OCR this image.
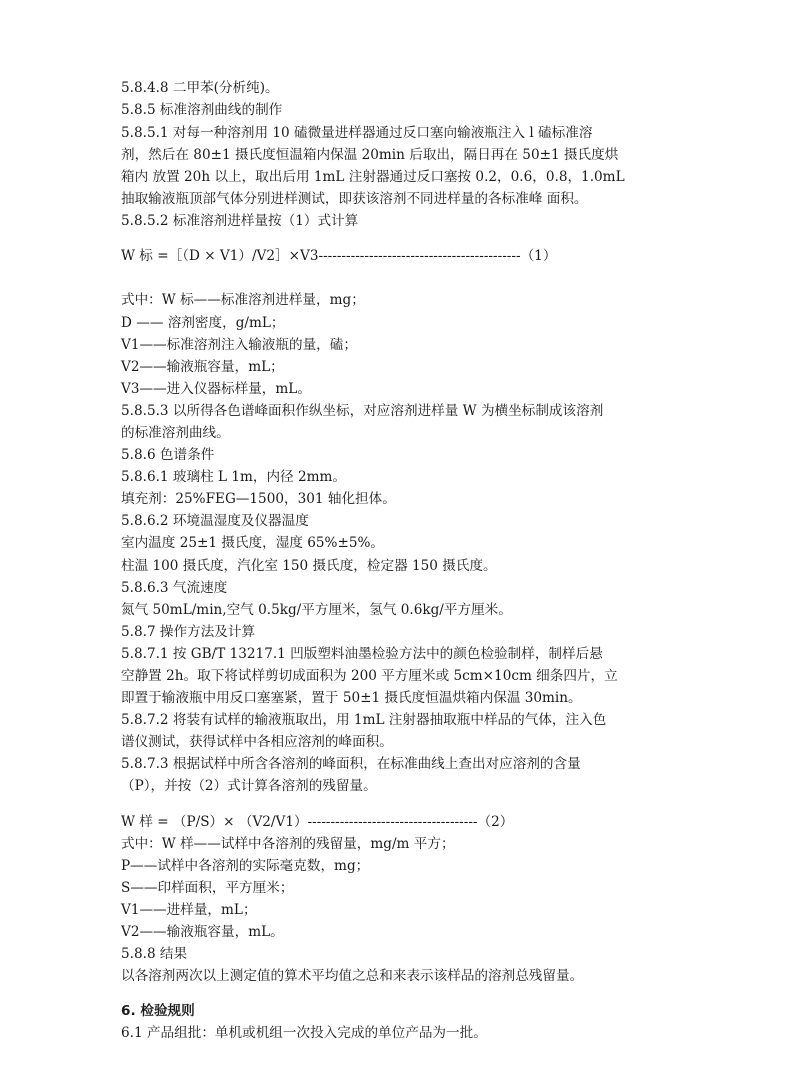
5.8.4.8 二甲苯(分析纯)。
5.8.5 标准溶剂曲线的制作
5.8.5.1 对每一种溶剂用 10 磕微量进样器通过反口塞向输液瓶注入 l 磕标准溶
剂，然后在 80±1 摄氏度恒温箱内保温 20min 后取出，隔日再在 50±1 摄氏度烘
箱内 放置 20h 以上，取出后用 1mL 注射器通过反口塞按 0.2，0.6，0.8，1.0mL
抽取输液瓶顶部气体分别进样测试，即获该溶剂不同进样量的各标准峰 面积。
5.8.5.2 标准溶剂进样量按（1）式计算
W 标 =［（D × V1）/V2］×V3--------------------------------------------（1）
式中：W 标——标准溶剂进样量，mg；
D —— 溶剂密度，g/mL；
V1——标准溶剂注入输液瓶的量，磕；
V2——输液瓶容量，mL；
V3——进入仪器标样量，mL。
5.8.5.3 以所得各色谱峰面积作纵坐标，对应溶剂进样量 W 为横坐标制成该溶剂
的标准溶剂曲线。
5.8.6 色谱条件
5.8.6.1 玻璃柱 L 1m，内径 2mm。
填充剂：25%FEG—1500，301 轴化担体。
5.8.6.2 环境温湿度及仪器温度
室内温度 25±1 摄氏度，湿度 65%±5%。
柱温 100 摄氏度，汽化室 150 摄氏度，检定器 150 摄氏度。
5.8.6.3 气流速度
氮气 50mL/min,空气 0.5kg/平方厘米，氢气 0.6kg/平方厘米。
5.8.7 操作方法及计算
5.8.7.1 按 GB/T 13217.1 凹版塑料油墨检验方法中的颜色检验制样，制样后悬
空静置 2h。取下将试样剪切成面积为 200 平方厘米或 5cm×10cm 细条四片，立
即置于输液瓶中用反口塞塞紧，置于 50±1 摄氏度恒温烘箱内保温 30min。
5.8.7.2 将装有试样的输液瓶取出，用 1mL 注射器抽取瓶中样品的气体，注入色
谱仪测试，获得试样中各相应溶剂的峰面积。
5.8.7.3 根据试样中所含各溶剂的峰面积，在标准曲线上查出对应溶剂的含量
（P），并按（2）式计算各溶剂的残留量。
W 样 = （P/S）× （V2/V1）-------------------------------------（2）
式中：W 样——试样中各溶剂的残留量，mg/m 平方；
P——试样中各溶剂的实际毫克数，mg；
S——印样面积，平方厘米；
V1——进样量，mL；
V2——输液瓶容量，mL。
5.8.8 结果
以各溶剂两次以上测定值的算术平均值之总和来表示该样品的溶剂总残留量。
6. 检验规则
6.1 产品组批：单机或机组一次投入完成的单位产品为一批。
